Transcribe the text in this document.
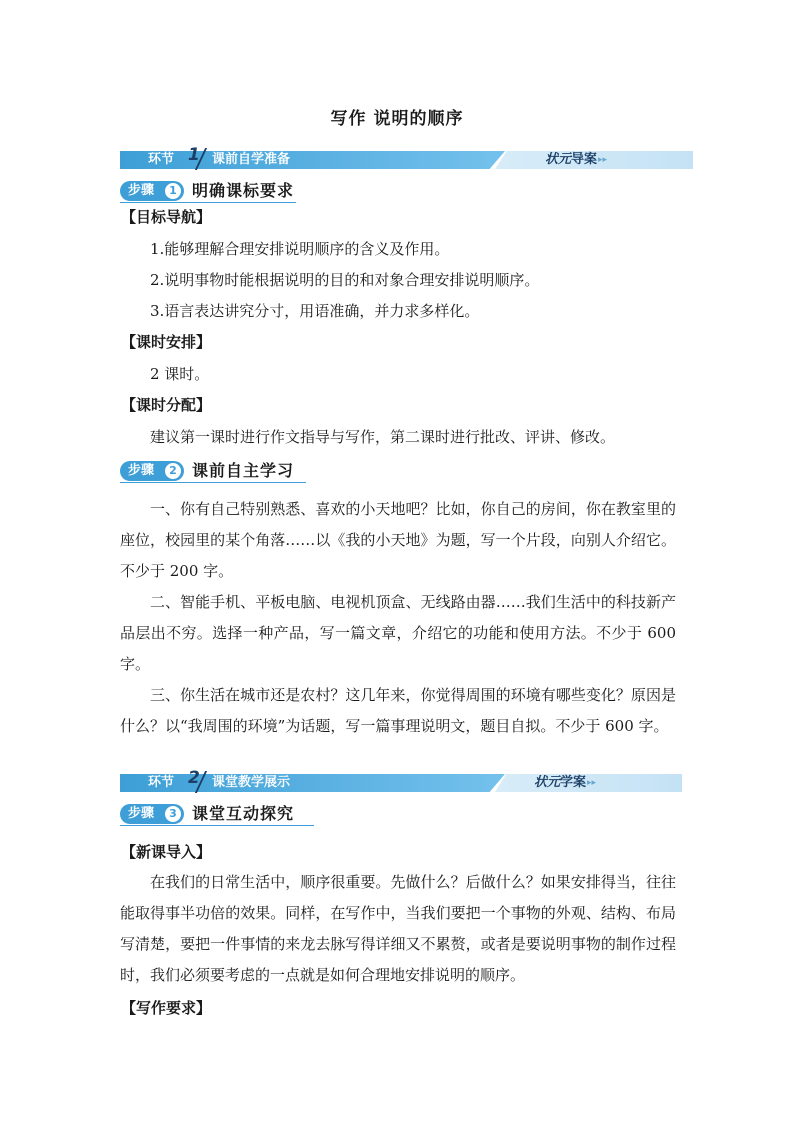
写作 说明的顺序
环节 1 课前自学准备	状元导案 ▸▸
步骤	1 明确课标要求
【目标导航】
1.能够理解合理安排说明顺序的含义及作用。
2.说明事物时能根据说明的目的和对象合理安排说明顺序。
3.语言表达讲究分寸，用语准确，并力求多样化。
【课时安排】
2 课时。
【课时分配】
建议第一课时进行作文指导与写作，第二课时进行批改、评讲、修改。
步骤	2 课前自主学习
一、你有自己特别熟悉、喜欢的小天地吧？比如，你自己的房间，你在教室里的座位，校园里的某个角落……以《我的小天地》为题，写一个片段，向别人介绍它。不少于 200 字。
二、智能手机、平板电脑、电视机顶盒、无线路由器……我们生活中的科技新产品层出不穷。选择一种产品，写一篇文章，介绍它的功能和使用方法。不少于 600 字。
三、你生活在城市还是农村？这几年来，你觉得周围的环境有哪些变化？原因是什么？以“我周围的环境”为话题，写一篇事理说明文，题目自拟。不少于 600 字。
环节 2 课堂教学展示	状元学案 ▸▸
步骤	3 课堂互动探究
【新课导入】
在我们的日常生活中，顺序很重要。先做什么？后做什么？如果安排得当，往往能取得事半功倍的效果。同样，在写作中，当我们要把一个事物的外观、结构、布局写清楚，要把一件事情的来龙去脉写得详细又不累赘，或者是要说明事物的制作过程时，我们必须要考虑的一点就是如何合理地安排说明的顺序。
【写作要求】
